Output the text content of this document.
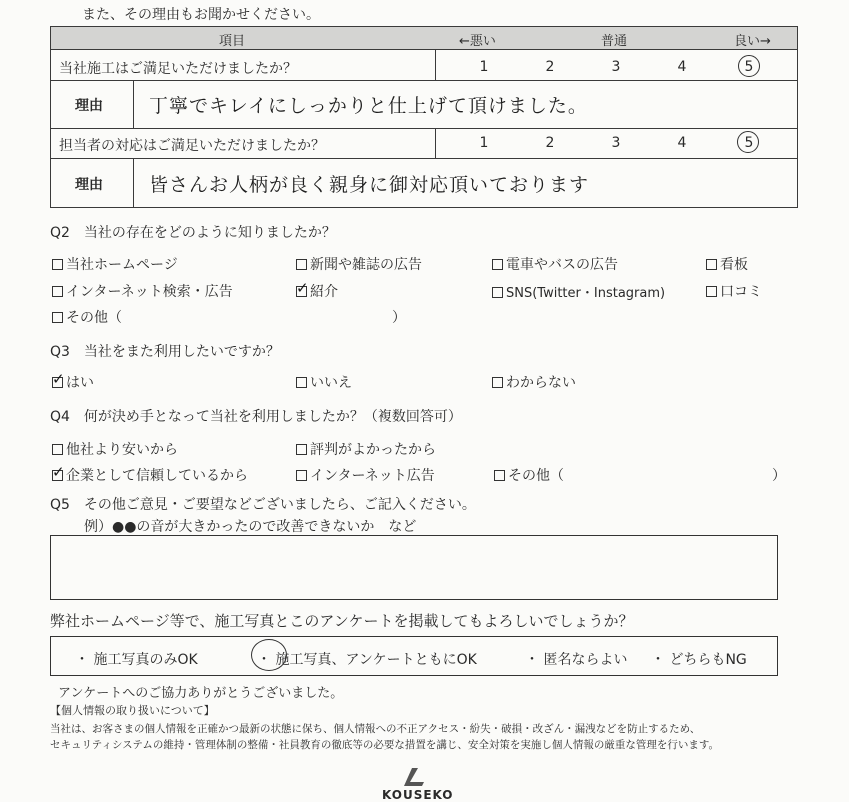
また、その理由もお聞かせください。
項目	←悪い	普通	良い→
当社施工はご満足いただけましたか？	1	2	3	4	5
理由 丁寧でキレイにしっかりと仕上げて頂けました。
担当者の対応はご満足いただけましたか？	1	2	3	4	5
理由 皆さんお人柄が良く親身に御対応頂いております
Q2　当社の存在をどのように知りましたか？
当社ホームページ	新聞や雑誌の広告	電車やバスの広告	看板
インターネット検索・広告	✓ 紹介	SNS(Twitter・Instagram)	口コミ
その他（	）
Q3　当社をまた利用したいですか？
✓ はい	いいえ	わからない
Q4　何が決め手となって当社を利用しましたか？（複数回答可）
他社より安いから	評判がよかったから
✓ 企業として信頼しているから	インターネット広告	その他（	）
Q5　その他ご意見・ご要望などございましたら、ご記入ください。
例）●●の音が大きかったので改善できないか　など
弊社ホームページ等で、施工写真とこのアンケートを掲載してもよろしいでしょうか？
・ 施工写真のみOK	・ 施工写真、アンケートともにOK	・ 匿名ならよい ・ どちらもNG
アンケートへのご協力ありがとうございました。
【個人情報の取り扱いについて】
当社は、お客さまの個人情報を正確かつ最新の状態に保ち、個人情報への不正アクセス・紛失・破損・改ざん・漏洩などを防止するため、
セキュリティシステムの維持・管理体制の整備・社員教育の徹底等の必要な措置を講じ、安全対策を実施し個人情報の厳重な管理を行います。
KOUSEKO
